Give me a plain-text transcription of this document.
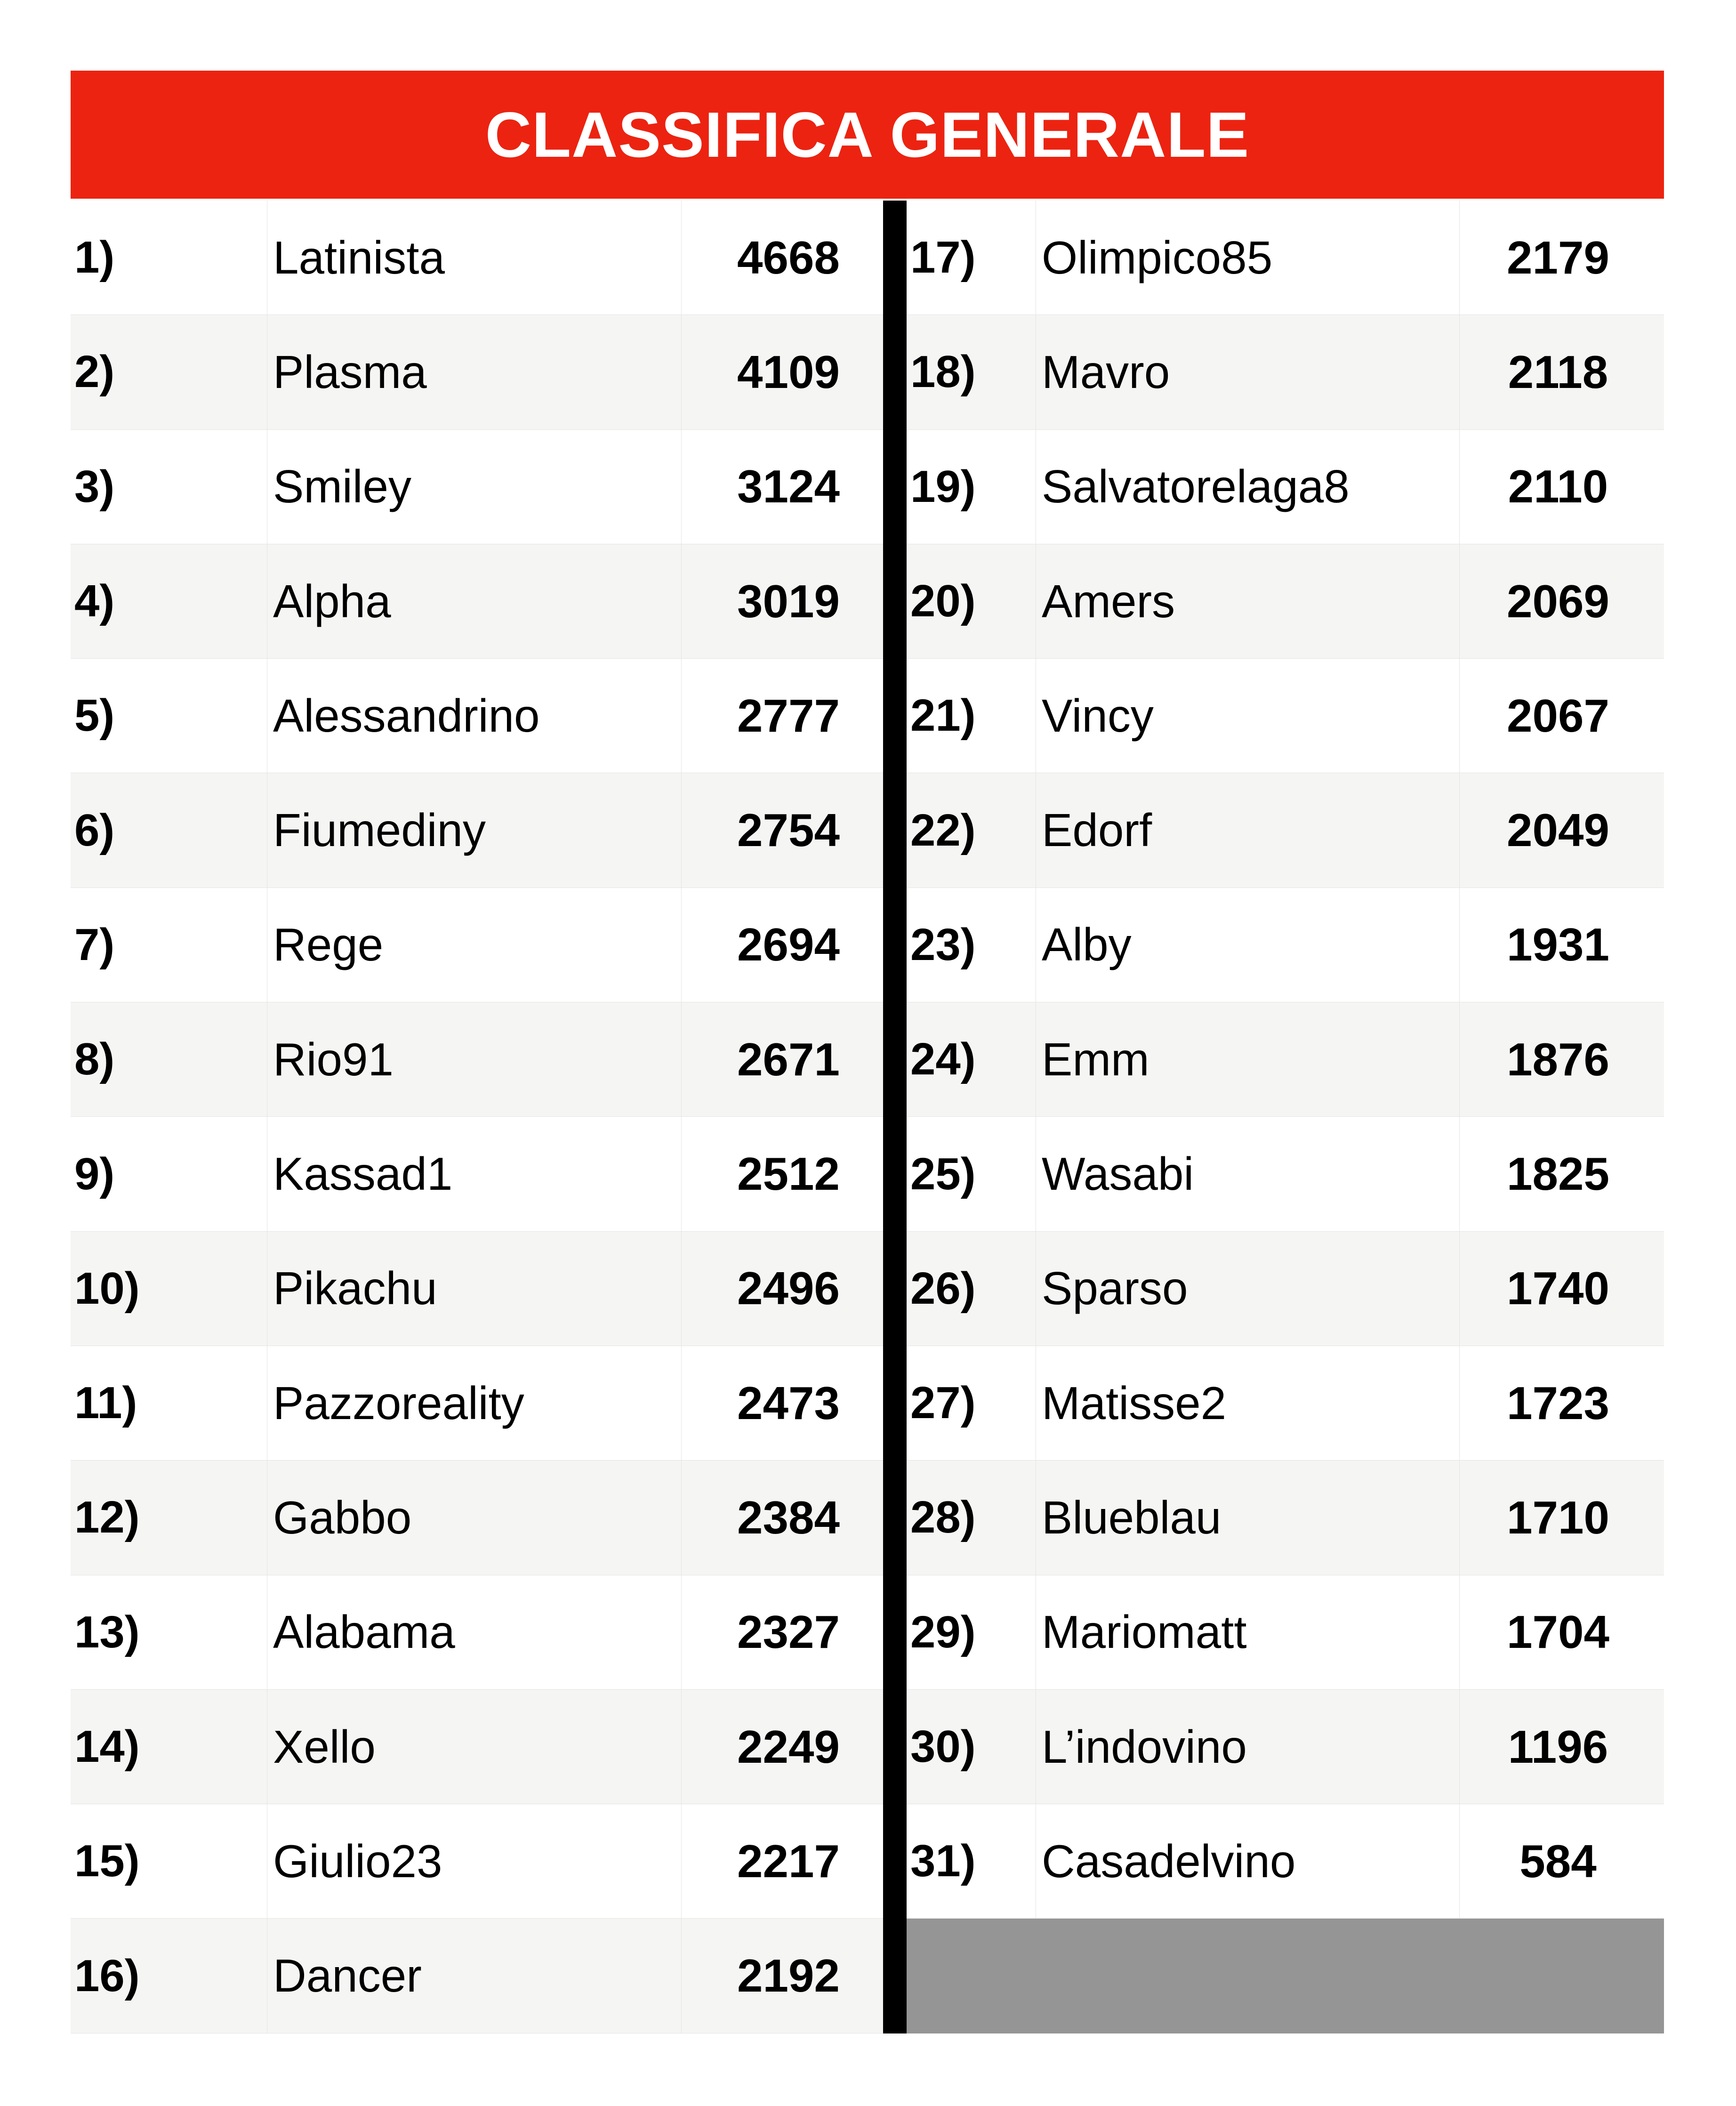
CLASSIFICA GENERALE
1)	Latinista	4668
2)	Plasma	4109
3)	Smiley	3124
4)	Alpha	3019
5)	Alessandrino	2777
6)	Fiumediny	2754
7)	Rege	2694
8)	Rio91	2671
9)	Kassad1	2512
10)	Pikachu	2496
11)	Pazzoreality	2473
12)	Gabbo	2384
13)	Alabama	2327
14)	Xello	2249
15)	Giulio23	2217
16)	Dancer	2192
17) Olimpico85	2179
18) Mavro	2118
19) Salvatorelaga8	2110
20) Amers	2069
21) Vincy	2067
22) Edorf	2049
23) Alby	1931
24) Emm	1876
25) Wasabi	1825
26) Sparso	1740
27) Matisse2	1723
28) Blueblau	1710
29) Mariomatt	1704
30) L’indovino	1196
31) Casadelvino	584
